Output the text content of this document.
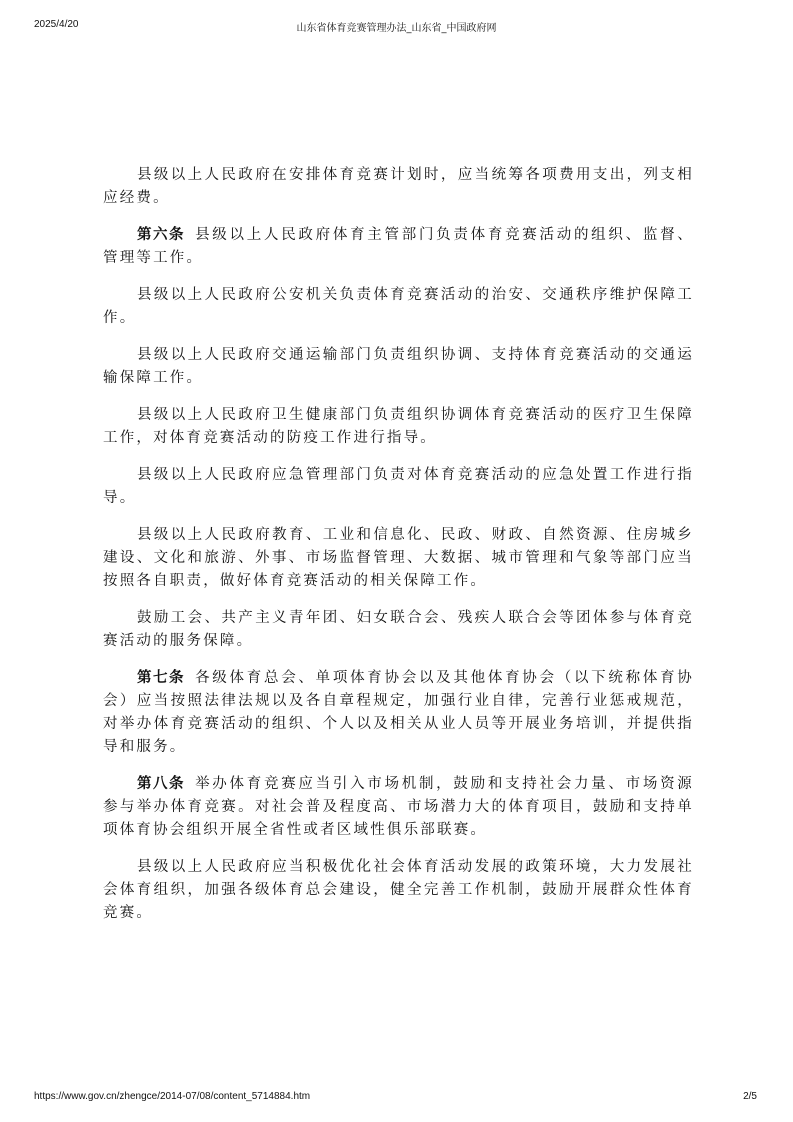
2025/4/20	山东省体育竞赛管理办法_山东省_中国政府网

县级以上人民政府在安排体育竞赛计划时，应当统筹各项费用支出，列支相应经费。

第六条 县级以上人民政府体育主管部门负责体育竞赛活动的组织、监督、管理等工作。

县级以上人民政府公安机关负责体育竞赛活动的治安、交通秩序维护保障工作。

县级以上人民政府交通运输部门负责组织协调、支持体育竞赛活动的交通运输保障工作。

县级以上人民政府卫生健康部门负责组织协调体育竞赛活动的医疗卫生保障工作，对体育竞赛活动的防疫工作进行指导。

县级以上人民政府应急管理部门负责对体育竞赛活动的应急处置工作进行指导。

县级以上人民政府教育、工业和信息化、民政、财政、自然资源、住房城乡建设、文化和旅游、外事、市场监督管理、大数据、城市管理和气象等部门应当按照各自职责，做好体育竞赛活动的相关保障工作。

鼓励工会、共产主义青年团、妇女联合会、残疾人联合会等团体参与体育竞赛活动的服务保障。

第七条 各级体育总会、单项体育协会以及其他体育协会（以下统称体育协会）应当按照法律法规以及各自章程规定，加强行业自律，完善行业惩戒规范，对举办体育竞赛活动的组织、个人以及相关从业人员等开展业务培训，并提供指导和服务。

第八条 举办体育竞赛应当引入市场机制，鼓励和支持社会力量、市场资源参与举办体育竞赛。对社会普及程度高、市场潜力大的体育项目，鼓励和支持单项体育协会组织开展全省性或者区域性俱乐部联赛。

县级以上人民政府应当积极优化社会体育活动发展的政策环境，大力发展社会体育组织，加强各级体育总会建设，健全完善工作机制，鼓励开展群众性体育竞赛。

https://www.gov.cn/zhengce/2014-07/08/content_5714884.htm	2/5
